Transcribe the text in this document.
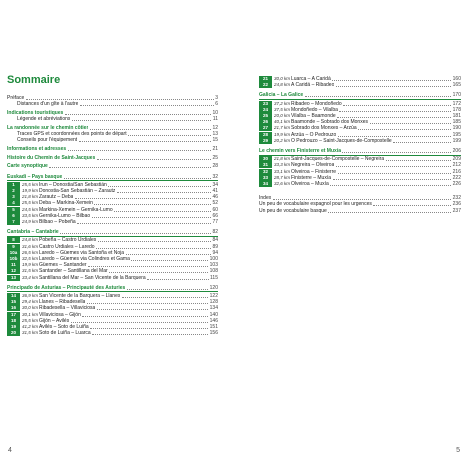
Sommaire
Préface	3
Distances d'un gîte à l'autre	6
Indications touristiques	10
Légende et abréviations	11
La randonnée sur le chemin côtier	12
Traces GPS et coordonnées des points de départ	13
Conseils pour l'équipement	15
Informations et adresses	21
Histoire du Chemin de Saint-Jacques	25
Carte synoptique	28
Euskadi – Pays basque	32
1	25,5 km Irun – Donostia/San Sebastián	34
2	19,9 km Donostia-San Sebastián – Zarautz	41
3	21,8 km Zarautz – Deba	46
4	25,5 km Deba – Markina-Xemein	52
5	24,5 km Markina-Xemein – Gernika-Lumo	60
6	33,5 km Gernika-Lumo – Bilbao	66
7	24,9 km Bilbao – Pobeña	77
Cantabria – Cantabrie	82
8	24,8 km Pobeña – Castro Urdiales	84
9	31,6 km Castro Urdiales – Laredo	89
10a	26,5 km Laredo – Güemes via Santoña et Noja	94
10b	32,5 km Laredo – Güemes via Colindres et Gama	100
11	19,9 km Güemes – Santander	103
12	31,5 km Santander – Santillana del Mar	108
13	33,4 km Santillana del Mar – San Vicente de la Barquera	115
Principado de Asturias – Principauté des Asturies	120
14	36,9 km San Vicente de la Barquera – Llanes	122
15	29,4 km Llanes – Ribadesella	128
16	30,0 km Ribadesella – Villaviciosa	134
17	30,1 km Villaviciosa – Gijón	140
18	25,5 km Gijón – Avilés	146
19	41,2 km Avilés – Soto de Luiña	151
20	31,5 km Soto de Luiña – Luarca	156
4
21	30,0 km Luarca – A Caridá	160
22	24,8 km A Caridá – Ribadeo	165
Galicia – La Galice	170
23	37,2 km Ribadeo – Mondoñedo	172
24	37,5 km Mondoñedo – Vilalba	178
25	20,0 km Vilalba – Baamonde	181
26	40,1 km Baamonde – Sobrado dos Monxes	185
27	21,7 km Sobrado dos Monxes – Arzúa	190
28	19,9 km Arzúa – O Pedrouzo	195
29	20,2 km O Pedrouzo – Saint-Jacques-de-Compostelle	199
Le chemin vers Finisterre et Muxía	206
30	21,8 km Saint-Jacques-de-Compostelle – Negreira	209
31	33,3 km Negreira – Olveiroa	212
32	33,1 km Olveiroa – Finisterre	216
33	28,7 km Finisterre – Muxía	222
34	32,6 km Olveiroa – Muxía	226
Index	232
Un peu de vocabulaire espagnol pour les urgences	236
Un peu de vocabulaire basque	237
5
